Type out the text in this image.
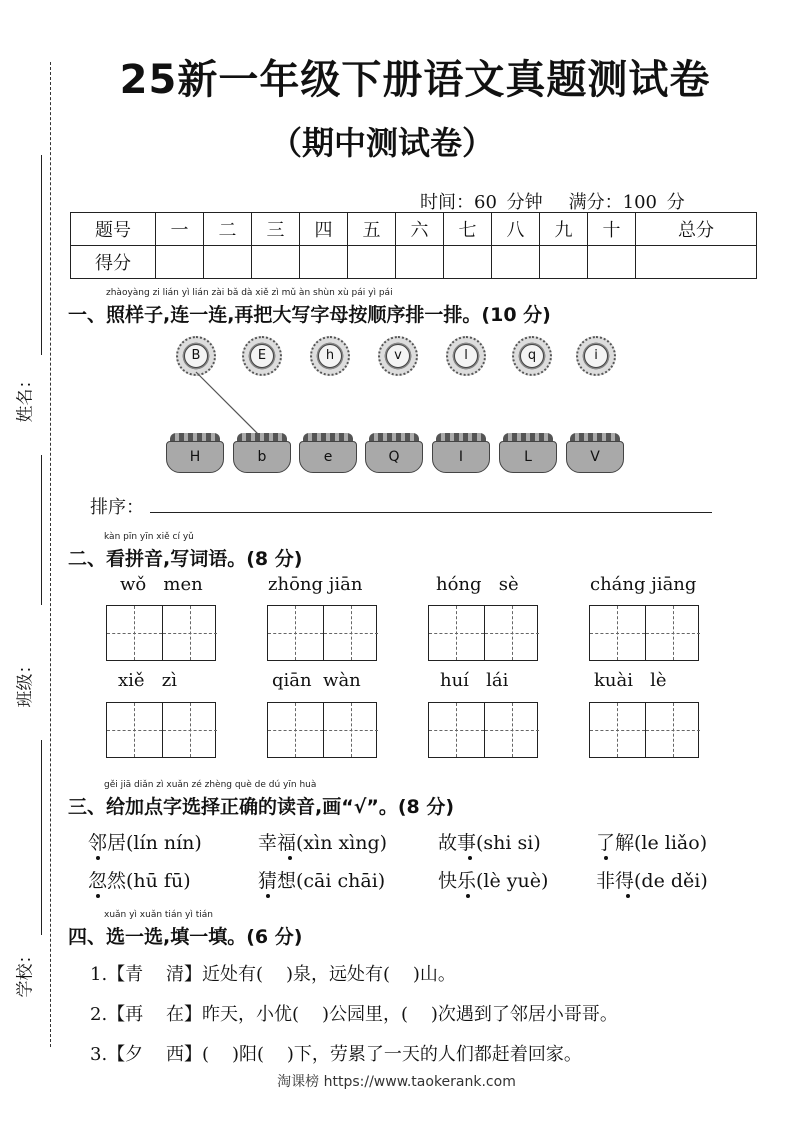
姓名：
班级：
学校：
25新一年级下册语文真题测试卷
（期中测试卷）
时间：60 分钟 满分：100 分
题号	一	二	三	四	五	六	七	八	九	十	总分
得分											
zhàoyàng zi lián yì lián zài bǎ dà xiě zì mǔ àn shùn xù pái yì pái
一、照样子,连一连,再把大写字母按顺序排一排。(10 分)
B	E	h	v	l	q	i
H	b	e	Q	I	L	V
排序：
kàn pīn yīn xiě cí yǔ
二、看拼音,写词语。(8 分)
wǒ   men	zhōng jiān	hóng   sè	cháng jiāng
xiě   zì	qiān  wàn	huí   lái	kuài   lè
gěi jiā diǎn zì xuǎn zé zhèng què de dú yīn huà
三、给加点字选择正确的读音,画“√”。(8 分)
邻居(lín nín)	幸福(xìn xìng)	故事(shi si)	了解(le liǎo)
忽然(hū fū)	猜想(cāi chāi)	快乐(lè yuè)	非得(de děi)
xuǎn yì xuǎn tián yì tián
四、选一选,填一填。(6 分)
1.【青    清】近处有(    )泉，远处有(    )山。
2.【再    在】昨天，小优(    )公园里，(    )次遇到了邻居小哥哥。
3.【夕    西】(    )阳(    )下，劳累了一天的人们都赶着回家。
淘课榜 https://www.taokerank.com
